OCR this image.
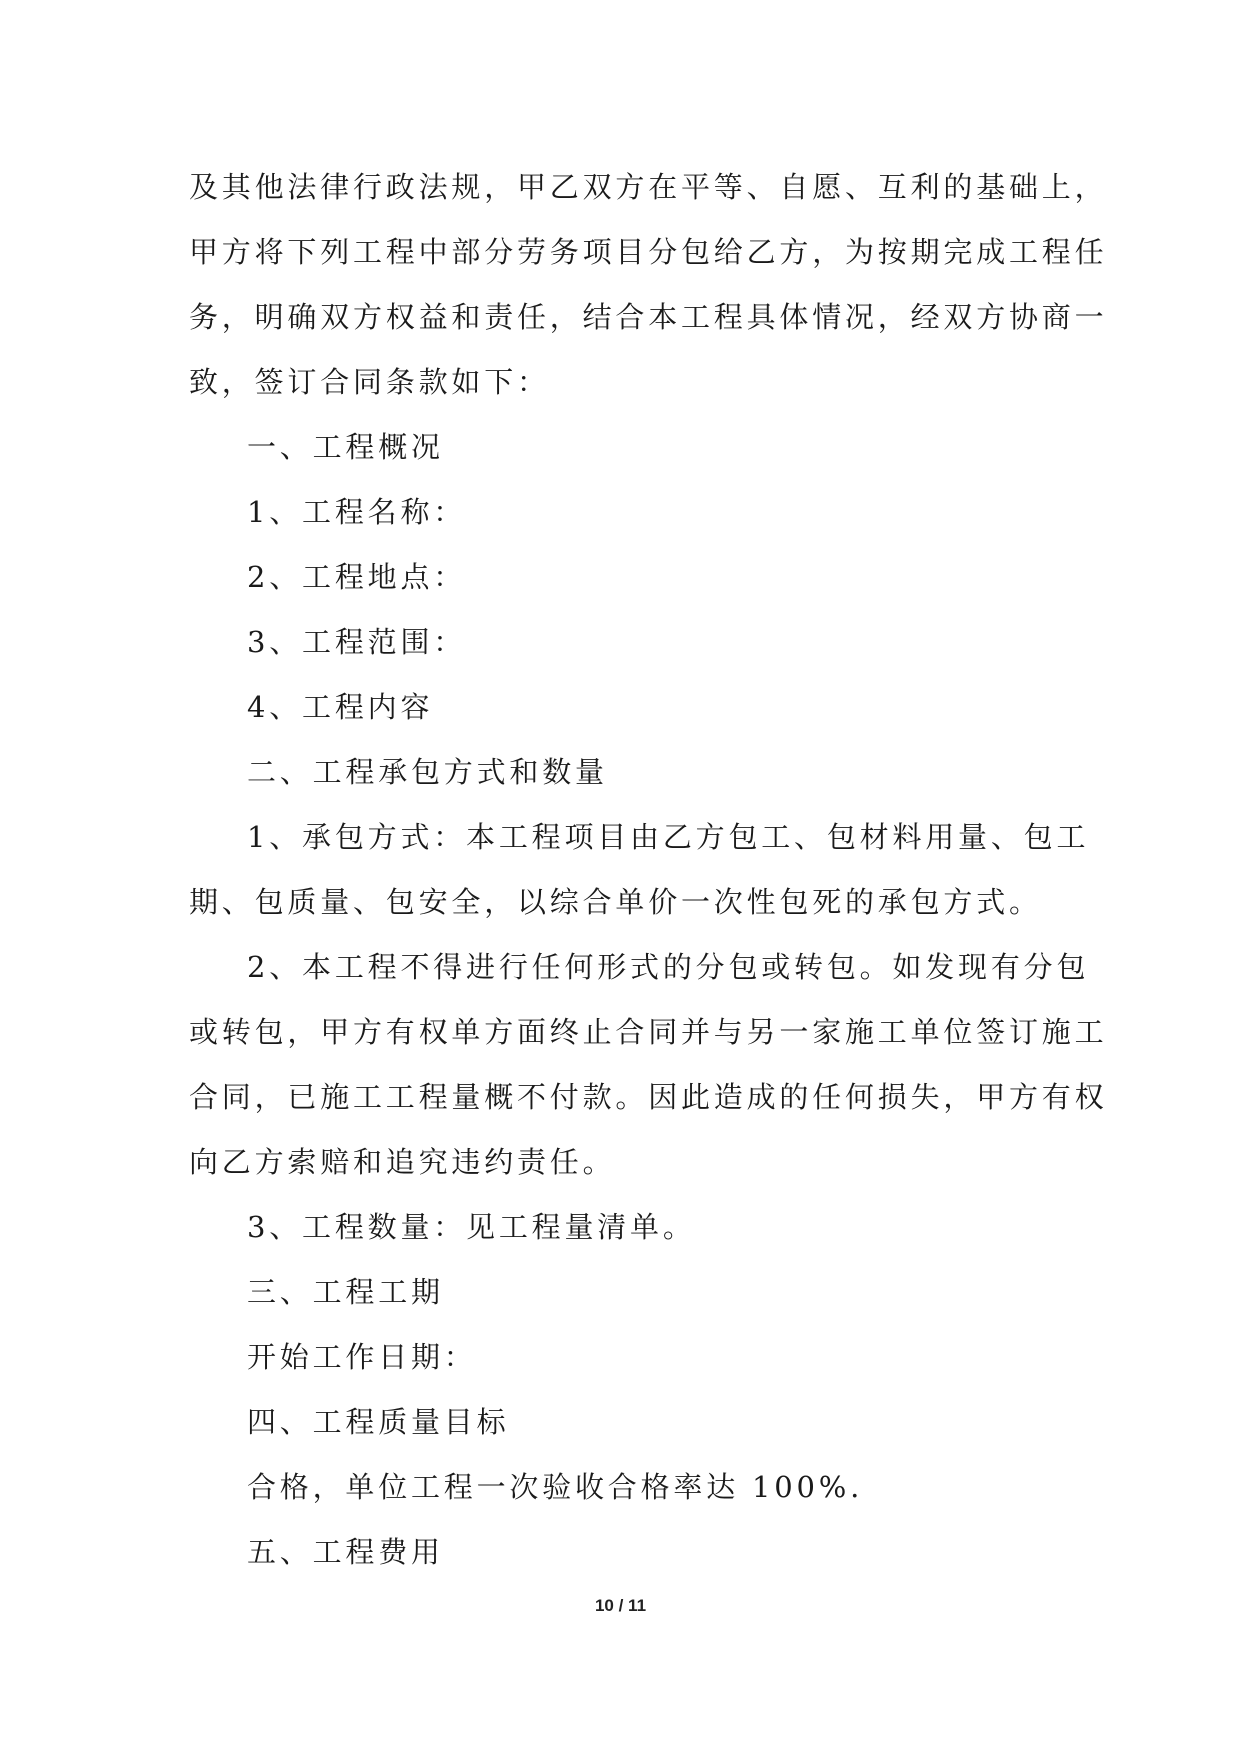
及其他法律行政法规，甲乙双方在平等、自愿、互利的基础上，
甲方将下列工程中部分劳务项目分包给乙方，为按期完成工程任
务，明确双方权益和责任，结合本工程具体情况，经双方协商一
致，签订合同条款如下：
一、工程概况
1、工程名称：
2、工程地点：
3、工程范围：
4、工程内容
二、工程承包方式和数量
1、承包方式：本工程项目由乙方包工、包材料用量、包工
期、包质量、包安全，以综合单价一次性包死的承包方式。
2、本工程不得进行任何形式的分包或转包。如发现有分包
或转包，甲方有权单方面终止合同并与另一家施工单位签订施工
合同，已施工工程量概不付款。因此造成的任何损失，甲方有权
向乙方索赔和追究违约责任。
3、工程数量：见工程量清单。
三、工程工期
开始工作日期：
四、工程质量目标
合格，单位工程一次验收合格率达 100%.
五、工程费用
10 / 11
